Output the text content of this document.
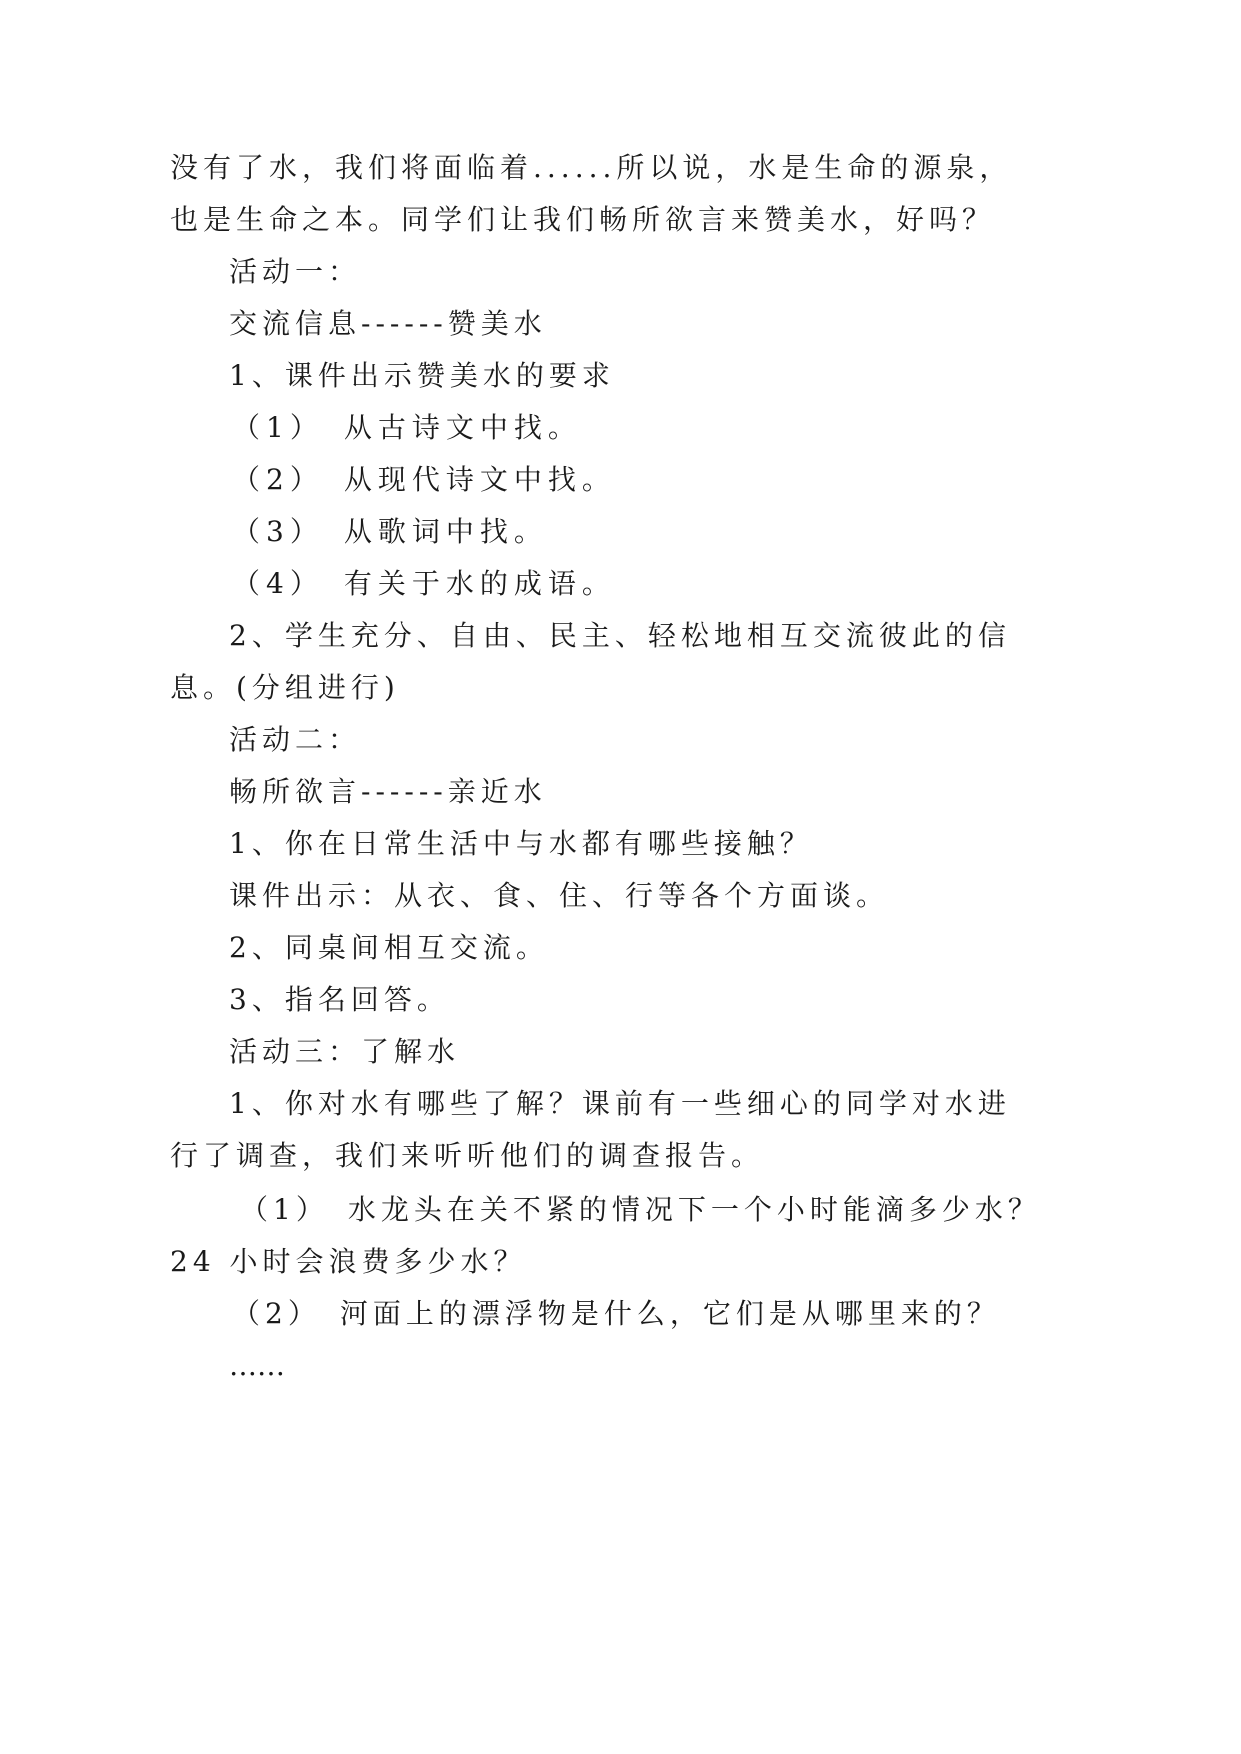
没有了水，我们将面临着......所以说，水是生命的源泉，
也是生命之本。同学们让我们畅所欲言来赞美水，好吗？
活动一：
交流信息------赞美水
1、课件出示赞美水的要求
（1）　从古诗文中找。
（2）　从现代诗文中找。
（3）　从歌词中找。
（4）　有关于水的成语。
2、学生充分、自由、民主、轻松地相互交流彼此的信
息。(分组进行)
活动二：
畅所欲言------亲近水
1、你在日常生活中与水都有哪些接触？
课件出示：从衣、食、住、行等各个方面谈。
2、同桌间相互交流。
3、指名回答。
活动三：了解水
1、你对水有哪些了解？课前有一些细心的同学对水进
行了调查，我们来听听他们的调查报告。
（1）　水龙头在关不紧的情况下一个小时能滴多少水？
24 小时会浪费多少水？
（2）　河面上的漂浮物是什么，它们是从哪里来的？
……
